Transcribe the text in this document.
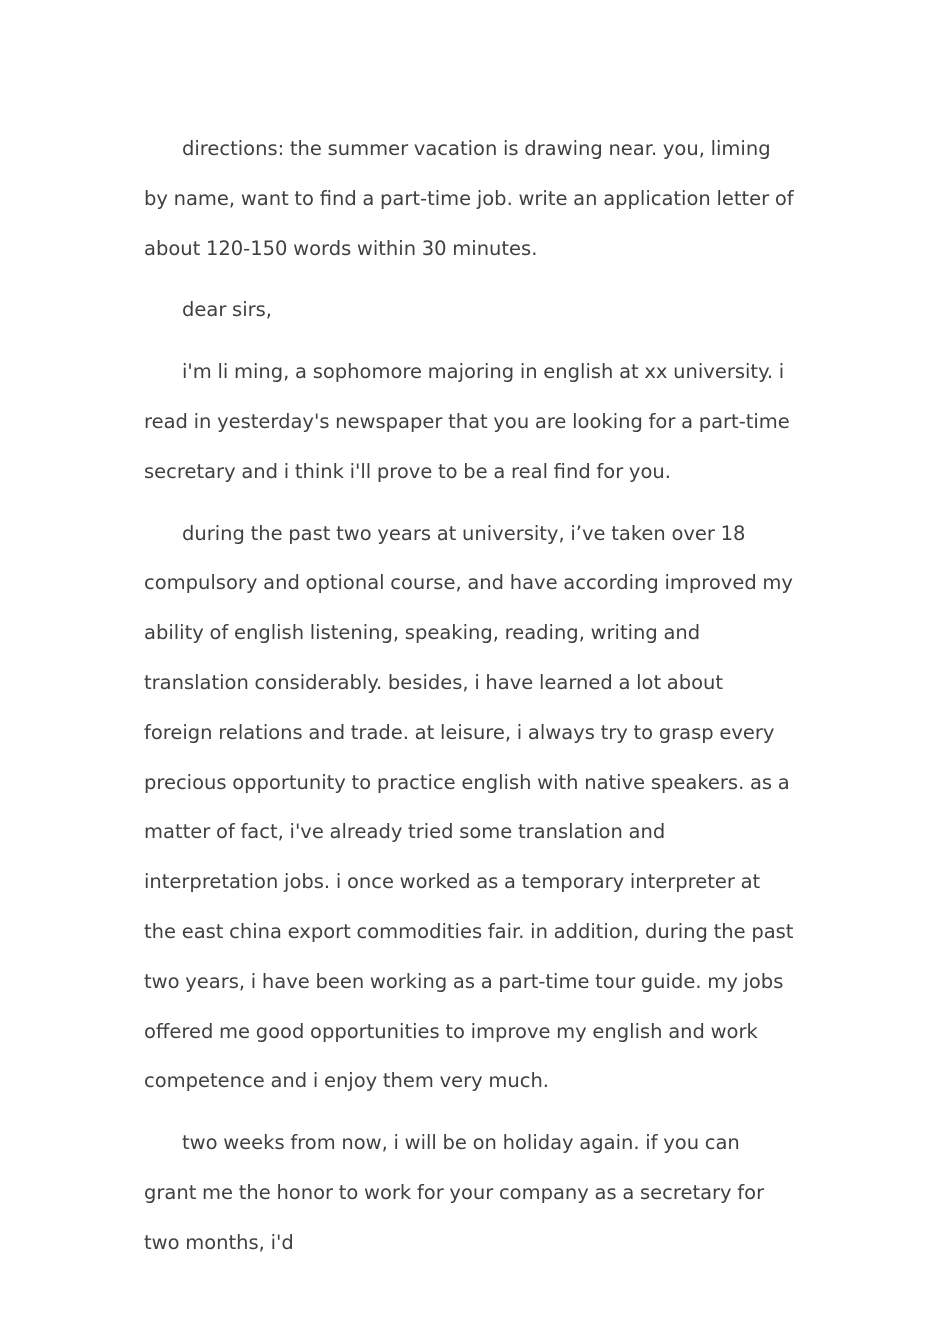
directions: the summer vacation is drawing near. you, liming by name, want to find a part-time job. write an application letter of about 120-150 words within 30 minutes.

dear sirs,

i'm li ming, a sophomore majoring in english at xx university. i read in yesterday's newspaper that you are looking for a part-time secretary and i think i'll prove to be a real find for you.

during the past two years at university, i’ve taken over 18 compulsory and optional course, and have according improved my ability of english listening, speaking, reading, writing and translation considerably. besides, i have learned a lot about foreign relations and trade. at leisure, i always try to grasp every precious opportunity to practice english with native speakers. as a matter of fact, i've already tried some translation and interpretation jobs. i once worked as a temporary interpreter at the east china export commodities fair. in addition, during the past two years, i have been working as a part-time tour guide. my jobs offered me good opportunities to improve my english and work competence and i enjoy them very much.

two weeks from now, i will be on holiday again. if you can grant me the honor to work for your company as a secretary for two months, i'd
